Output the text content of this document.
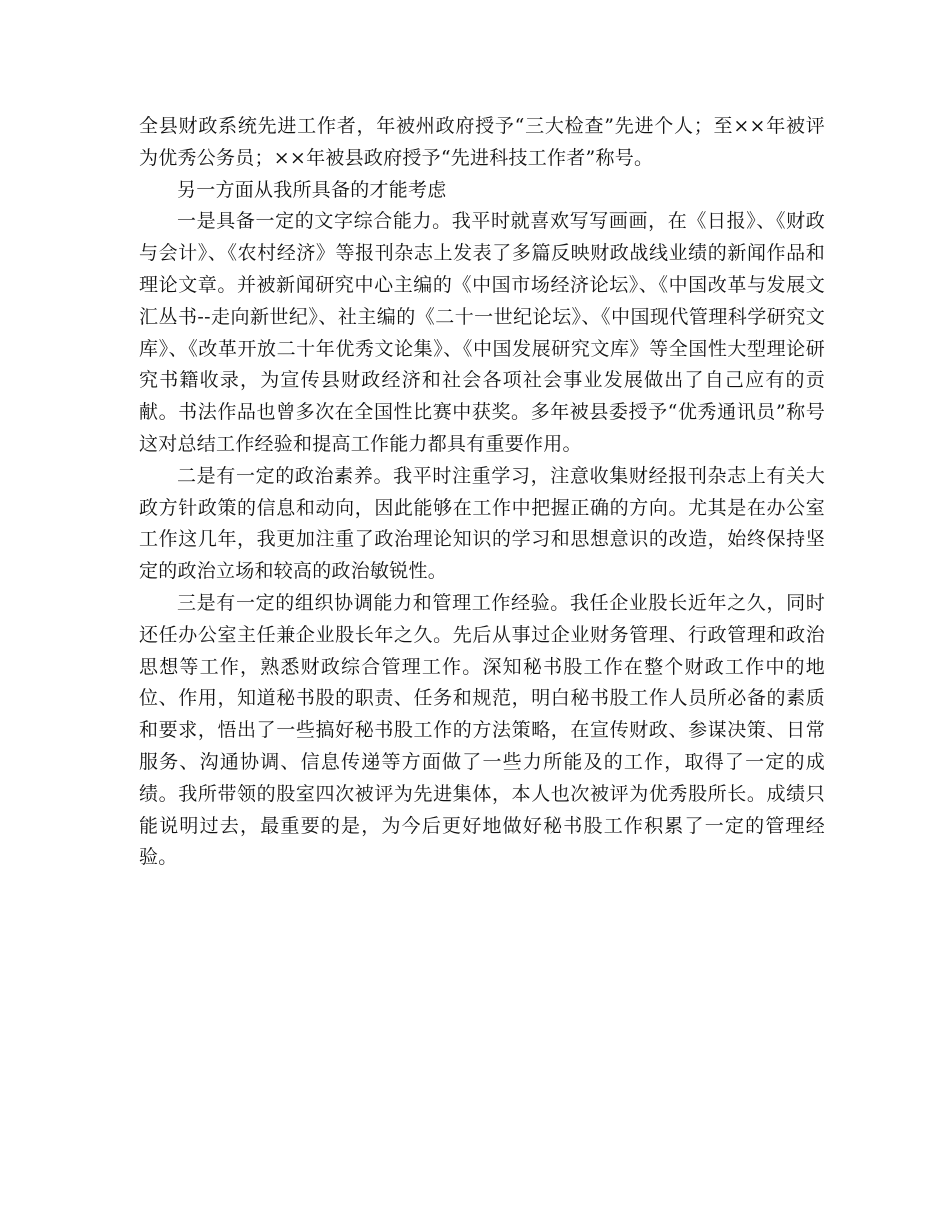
全县财政系统先进工作者，年被州政府授予“三大检查”先进个人；至××年被评为优秀公务员；××年被县政府授予“先进科技工作者”称号。

另一方面从我所具备的才能考虑

一是具备一定的文字综合能力。我平时就喜欢写写画画，在《日报》、《财政与会计》、《农村经济》等报刊杂志上发表了多篇反映财政战线业绩的新闻作品和理论文章。并被新闻研究中心主编的《中国市场经济论坛》、《中国改革与发展文汇丛书--走向新世纪》、社主编的《二十一世纪论坛》、《中国现代管理科学研究文库》、《改革开放二十年优秀文论集》、《中国发展研究文库》等全国性大型理论研究书籍收录，为宣传县财政经济和社会各项社会事业发展做出了自己应有的贡献。书法作品也曾多次在全国性比赛中获奖。多年被县委授予“优秀通讯员”称号这对总结工作经验和提高工作能力都具有重要作用。

二是有一定的政治素养。我平时注重学习，注意收集财经报刊杂志上有关大政方针政策的信息和动向，因此能够在工作中把握正确的方向。尤其是在办公室工作这几年，我更加注重了政治理论知识的学习和思想意识的改造，始终保持坚定的政治立场和较高的政治敏锐性。

三是有一定的组织协调能力和管理工作经验。我任企业股长近年之久，同时还任办公室主任兼企业股长年之久。先后从事过企业财务管理、行政管理和政治思想等工作，熟悉财政综合管理工作。深知秘书股工作在整个财政工作中的地位、作用，知道秘书股的职责、任务和规范，明白秘书股工作人员所必备的素质和要求，悟出了一些搞好秘书股工作的方法策略，在宣传财政、参谋决策、日常服务、沟通协调、信息传递等方面做了一些力所能及的工作，取得了一定的成绩。我所带领的股室四次被评为先进集体，本人也次被评为优秀股所长。成绩只能说明过去，最重要的是，为今后更好地做好秘书股工作积累了一定的管理经验。
